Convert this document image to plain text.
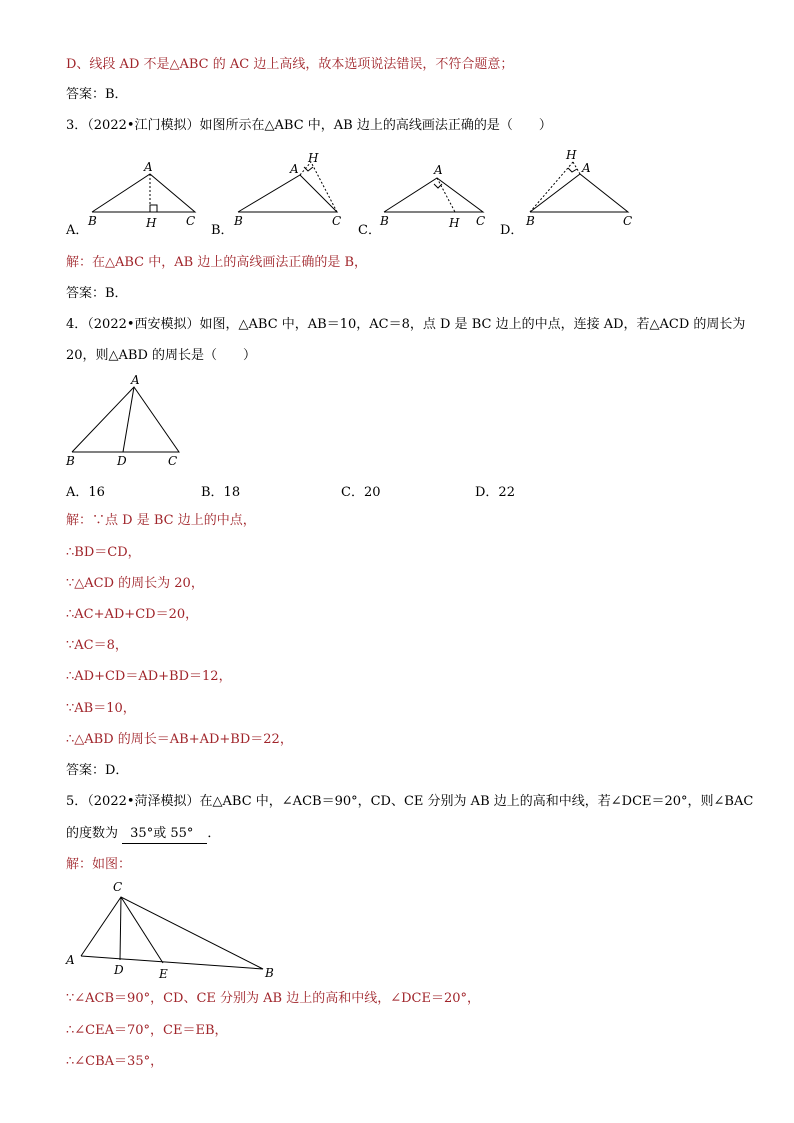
D、线段 AD 不是△ABC 的 AC 边上高线，故本选项说法错误，不符合题意；
答案：B．
3．（2022•江门模拟）如图所示在△ABC 中，AB 边上的高线画法正确的是（　　）
A．	B．	C．	D．
A
B	H C
A
H
B	C
A
B	H C
H
A
B	C
解：在△ABC 中，AB 边上的高线画法正确的是 B，
答案：B．
4．（2022•西安模拟）如图，△ABC 中，AB＝10，AC＝8，点 D 是 BC 边上的中点，连接 AD，若△ACD 的周长为
20，则△ABD 的周长是（　　）
A
B	D	C
A．16	B．18	C．20	D．22
解：∵点 D 是 BC 边上的中点，
∴BD＝CD，
∵△ACD 的周长为 20，
∴AC+AD+CD＝20，
∵AC＝8，
∴AD+CD＝AD+BD＝12，
∵AB＝10，
∴△ABD 的周长＝AB+AD+BD＝22，
答案：D．
5．（2022•菏泽模拟）在△ABC 中，∠ACB＝90°，CD、CE 分别为 AB 边上的高和中线，若∠DCE＝20°，则∠BAC
的度数为 35°或 55° ．
解：如图：
C
A
D	E	B
∵∠ACB＝90°，CD、CE 分别为 AB 边上的高和中线，∠DCE＝20°，
∴∠CEA＝70°，CE＝EB，
∴∠CBA＝35°，
